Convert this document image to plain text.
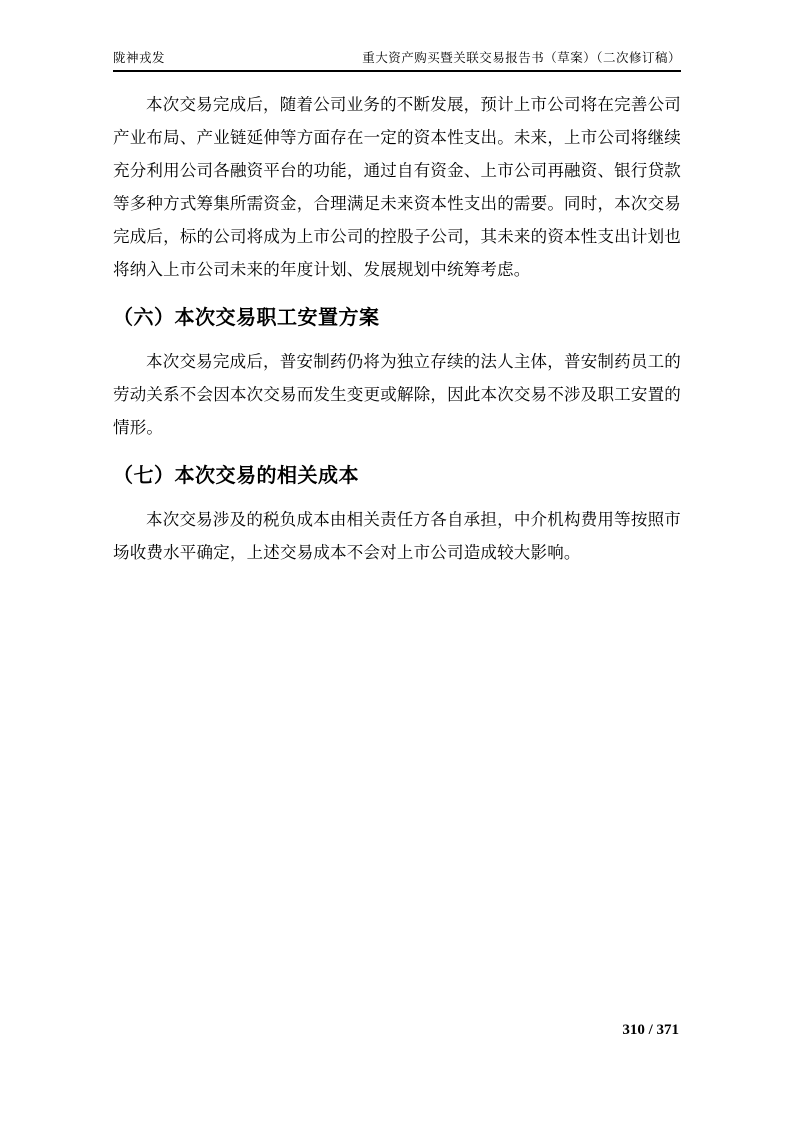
陇神戎发	重大资产购买暨关联交易报告书（草案）（二次修订稿）

本次交易完成后，随着公司业务的不断发展，预计上市公司将在完善公司产业布局、产业链延伸等方面存在一定的资本性支出。未来，上市公司将继续充分利用公司各融资平台的功能，通过自有资金、上市公司再融资、银行贷款等多种方式筹集所需资金，合理满足未来资本性支出的需要。同时，本次交易完成后，标的公司将成为上市公司的控股子公司，其未来的资本性支出计划也将纳入上市公司未来的年度计划、发展规划中统筹考虑。

（六）本次交易职工安置方案

本次交易完成后，普安制药仍将为独立存续的法人主体，普安制药员工的劳动关系不会因本次交易而发生变更或解除，因此本次交易不涉及职工安置的情形。

（七）本次交易的相关成本

本次交易涉及的税负成本由相关责任方各自承担，中介机构费用等按照市场收费水平确定，上述交易成本不会对上市公司造成较大影响。

310 / 371
